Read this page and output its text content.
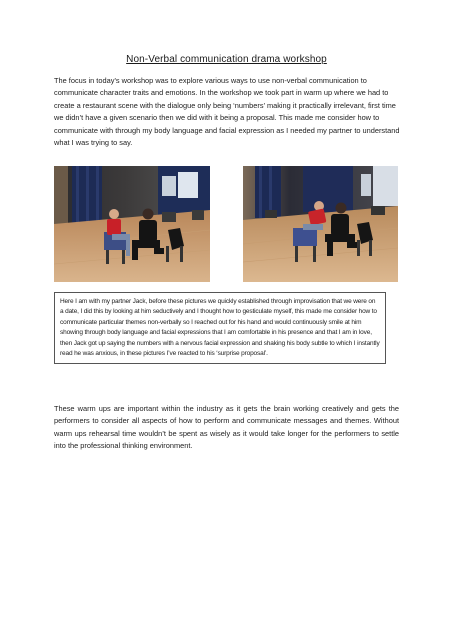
Non-Verbal communication drama workshop

The focus in today’s workshop was to explore various ways to use non-verbal communication to communicate character traits and emotions. In the workshop we took part in warm up where we had to create a restaurant scene with the dialogue only being ‘numbers’ making it practically irrelevant, first time we didn’t have a given scenario then we did with it being a proposal. This made me consider how to communicate with through my body language and facial expression as I needed my partner to understand what I was trying to say.

Here I am with my partner Jack, before these pictures we quickly established through improvisation that we were on a date, I did this by looking at him seductively and I thought how to gesticulate myself, this made me consider how to communicate particular themes non-verbally so I reached out for his hand and would continuously smile at him showing through body language and facial expressions that I am comfortable in his presence and that I am in love, then Jack got up saying the numbers with a nervous facial expression and shaking his body subtle to which I instantly read he was anxious, in these pictures I’ve reacted to his ‘surprise proposal’.

These warm ups are important within the industry as it gets the brain working creatively and gets the performers to consider all aspects of how to perform and communicate messages and themes. Without warm ups rehearsal time wouldn’t be spent as wisely as it would take longer for the performers to settle into the professional thinking environment.
